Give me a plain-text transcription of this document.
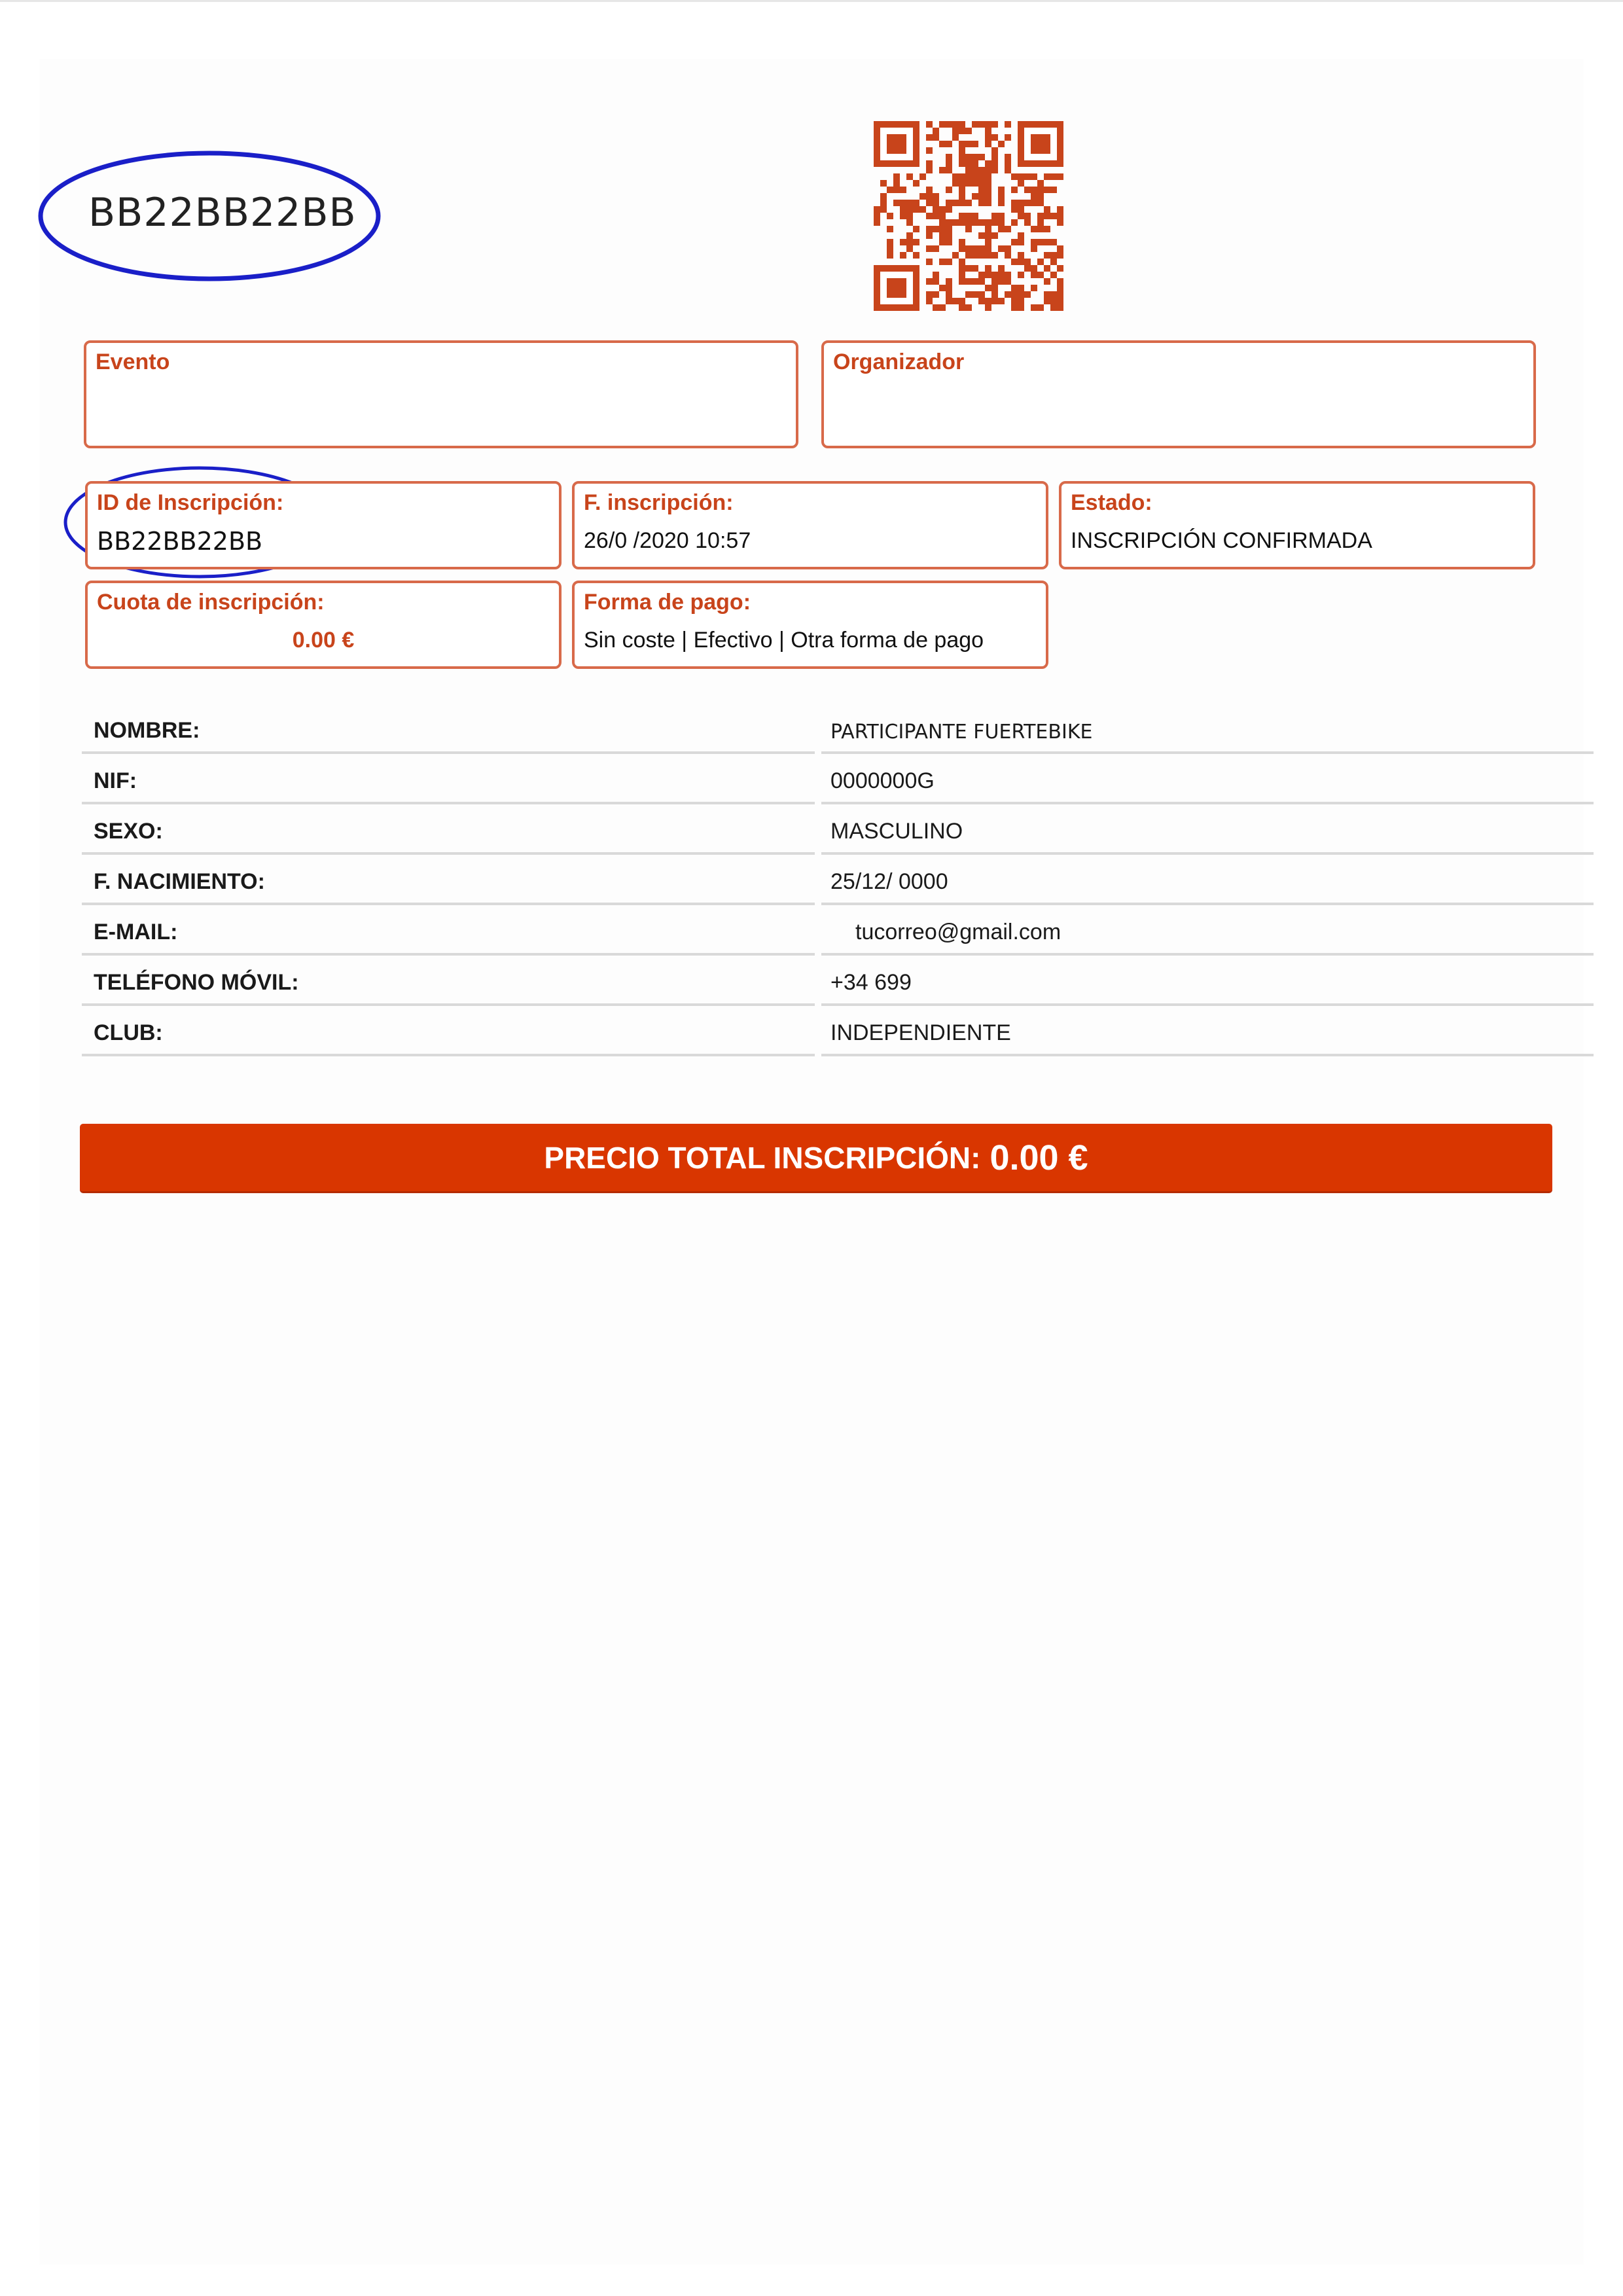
BB22BB22BB
Evento	Organizador
ID de Inscripción:
BB22BB22BB
F. inscripción:
26/0 /2020 10:57
Estado:
INSCRIPCIÓN CONFIRMADA
Cuota de inscripción:
0.00 €
Forma de pago:
Sin coste | Efectivo | Otra forma de pago
NOMBRE:	PARTICIPANTE FUERTEBIKE
NIF:	0000000G
SEXO:	MASCULINO
F. NACIMIENTO:	25/12/ 0000
E-MAIL:	tucorreo@gmail.com
TELÉFONO MÓVIL:	+34 699
CLUB:	INDEPENDIENTE
PRECIO TOTAL INSCRIPCIÓN: 0.00 €
